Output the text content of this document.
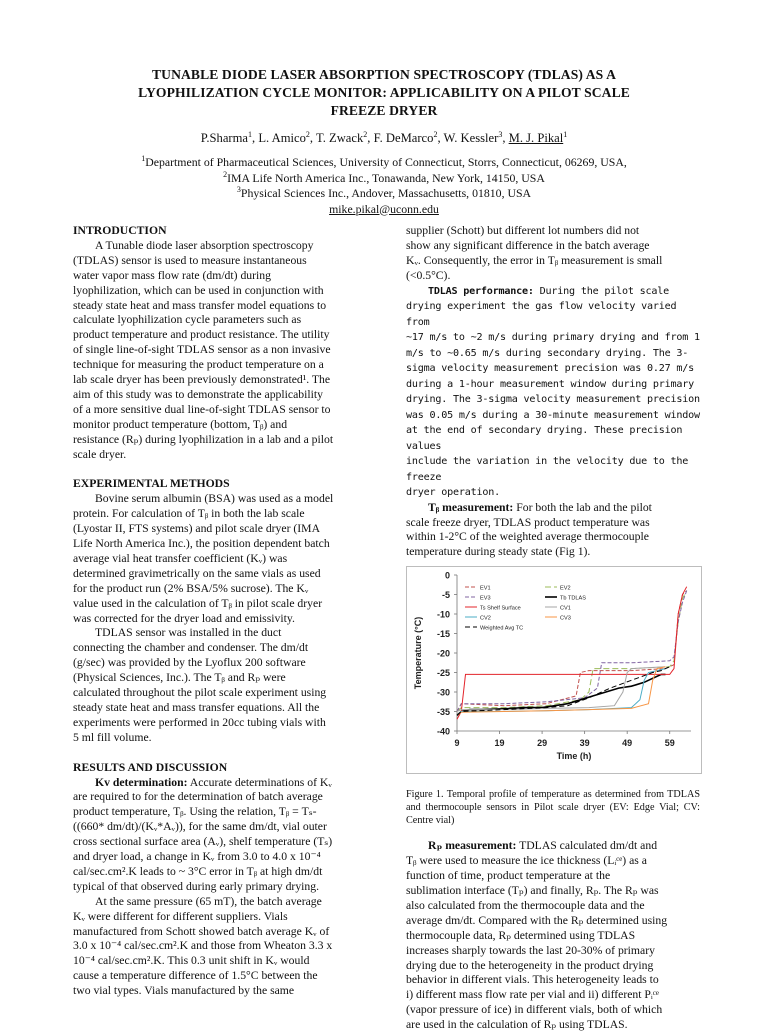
TUNABLE DIODE LASER ABSORPTION SPECTROSCOPY (TDLAS) AS A
LYOPHILIZATION CYCLE MONITOR: APPLICABILITY ON A PILOT SCALE
FREEZE DRYER
P.Sharma$^1$, L. Amico$^2$, T. Zwack$^2$, F. DeMarco$^2$, W. Kessler$^3$, M. J. Pikal$^1$
$^1$Department of Pharmaceutical Sciences, University of Connecticut, Storrs, Connecticut, 06269, USA,
$^2$IMA Life North America Inc., Tonawanda, New York, 14150, USA
$^3$Physical Sciences Inc., Andover, Massachusetts, 01810, USA
mike.pikal@uconn.edu

INTRODUCTION

A Tunable diode laser absorption spectroscopy
(TDLAS) sensor is used to measure instantaneous
water vapor mass flow rate (dm/dt) during
lyophilization, which can be used in conjunction with
steady state heat and mass transfer model equations to
calculate lyophilization cycle parameters such as
product temperature and product resistance. The utility
of single line-of-sight TDLAS sensor as a non invasive
technique for measuring the product temperature on a
lab scale dryer has been previously demonstrated¹. The
aim of this study was to demonstrate the applicability
of a more sensitive dual line-of-sight TDLAS sensor to
monitor product temperature (bottom, Tᵦ) and
resistance (Rₚ) during lyophilization in a lab and a pilot
scale dryer.

EXPERIMENTAL METHODS

Bovine serum albumin (BSA) was used as a model
protein. For calculation of Tᵦ in both the lab scale
(Lyostar II, FTS systems) and pilot scale dryer (IMA
Life North America Inc.), the position dependent batch
average vial heat transfer coefficient (Kᵥ) was
determined gravimetrically on the same vials as used
for the product run (2% BSA/5% sucrose). The Kᵥ
value used in the calculation of Tᵦ in pilot scale dryer
was corrected for the dryer load and emissivity.

TDLAS sensor was installed in the duct
connecting the chamber and condenser. The dm/dt
(g/sec) was provided by the Lyoflux 200 software
(Physical Sciences, Inc.). The Tᵦ and Rₚ were
calculated throughout the pilot scale experiment using
steady state heat and mass transfer equations. All the
experiments were performed in 20cc tubing vials with
5 ml fill volume.

RESULTS AND DISCUSSION

Kv determination: Accurate determinations of Kᵥ
are required to for the determination of batch average
product temperature, Tᵦ. Using the relation, Tᵦ = Tₛ-
((660* dm/dt)/(Kᵥ*Aᵥ)), for the same dm/dt, vial outer
cross sectional surface area (Aᵥ), shelf temperature (Tₛ)
and dryer load, a change in Kᵥ from 3.0 to 4.0 x 10⁻⁴
cal/sec.cm².K leads to ~ 3°C error in Tᵦ at high dm/dt
typical of that observed during early primary drying.

At the same pressure (65 mT), the batch average
Kᵥ were different for different suppliers. Vials
manufactured from Schott showed batch average Kᵥ of
3.0 x 10⁻⁴ cal/sec.cm².K and those from Wheaton 3.3 x
10⁻⁴ cal/sec.cm².K. This 0.3 unit shift in Kᵥ would
cause a temperature difference of 1.5°C between the
two vial types. Vials manufactured by the same

supplier (Schott) but different lot numbers did not
show any significant difference in the batch average
Kᵥ. Consequently, the error in Tᵦ measurement is small
(<0.5°C).

TDLAS performance: During the pilot scale
drying experiment the gas flow velocity varied from
~17 m/s to ~2 m/s during primary drying and from 1
m/s to ~0.65 m/s during secondary drying. The 3-
sigma velocity measurement precision was 0.27 m/s
during a 1-hour measurement window during primary
drying. The 3-sigma velocity measurement precision
was 0.05 m/s during a 30-minute measurement window
at the end of secondary drying. These precision values
include the variation in the velocity due to the freeze
dryer operation.

Tᵦ measurement: For both the lab and the pilot
scale freeze dryer, TDLAS product temperature was
within 1-2°C of the weighted average thermocouple
temperature during steady state (Fig 1).

0
-5
-10
-15
-20
-25
-30
-35
-40
9	19	29	39	49	59
Time (h)
Temperature (°C)
EV1	EV2
EV3	Tb TDLAS
Ts Shelf Surface	CV1
CV2	CV3
Weighted Avg TC

Figure 1. Temporal profile of temperature as determined from TDLAS and thermocouple sensors in Pilot scale dryer (EV: Edge Vial; CV: Centre vial)

Rₚ measurement: TDLAS calculated dm/dt and
Tᵦ were used to measure the ice thickness (Lᵢᶜᵉ) as a
function of time, product temperature at the
sublimation interface (Tₚ) and finally, Rₚ. The Rₚ was
also calculated from the thermocouple data and the
average dm/dt. Compared with the Rₚ determined using
thermocouple data, Rₚ determined using TDLAS
increases sharply towards the last 20-30% of primary
drying due to the heterogeneity in the product drying
behavior in different vials. This heterogeneity leads to
i) different mass flow rate per vial and ii) different Pᵢᶜᵉ
(vapor pressure of ice) in different vials, both of which
are used in the calculation of Rₚ using TDLAS.
